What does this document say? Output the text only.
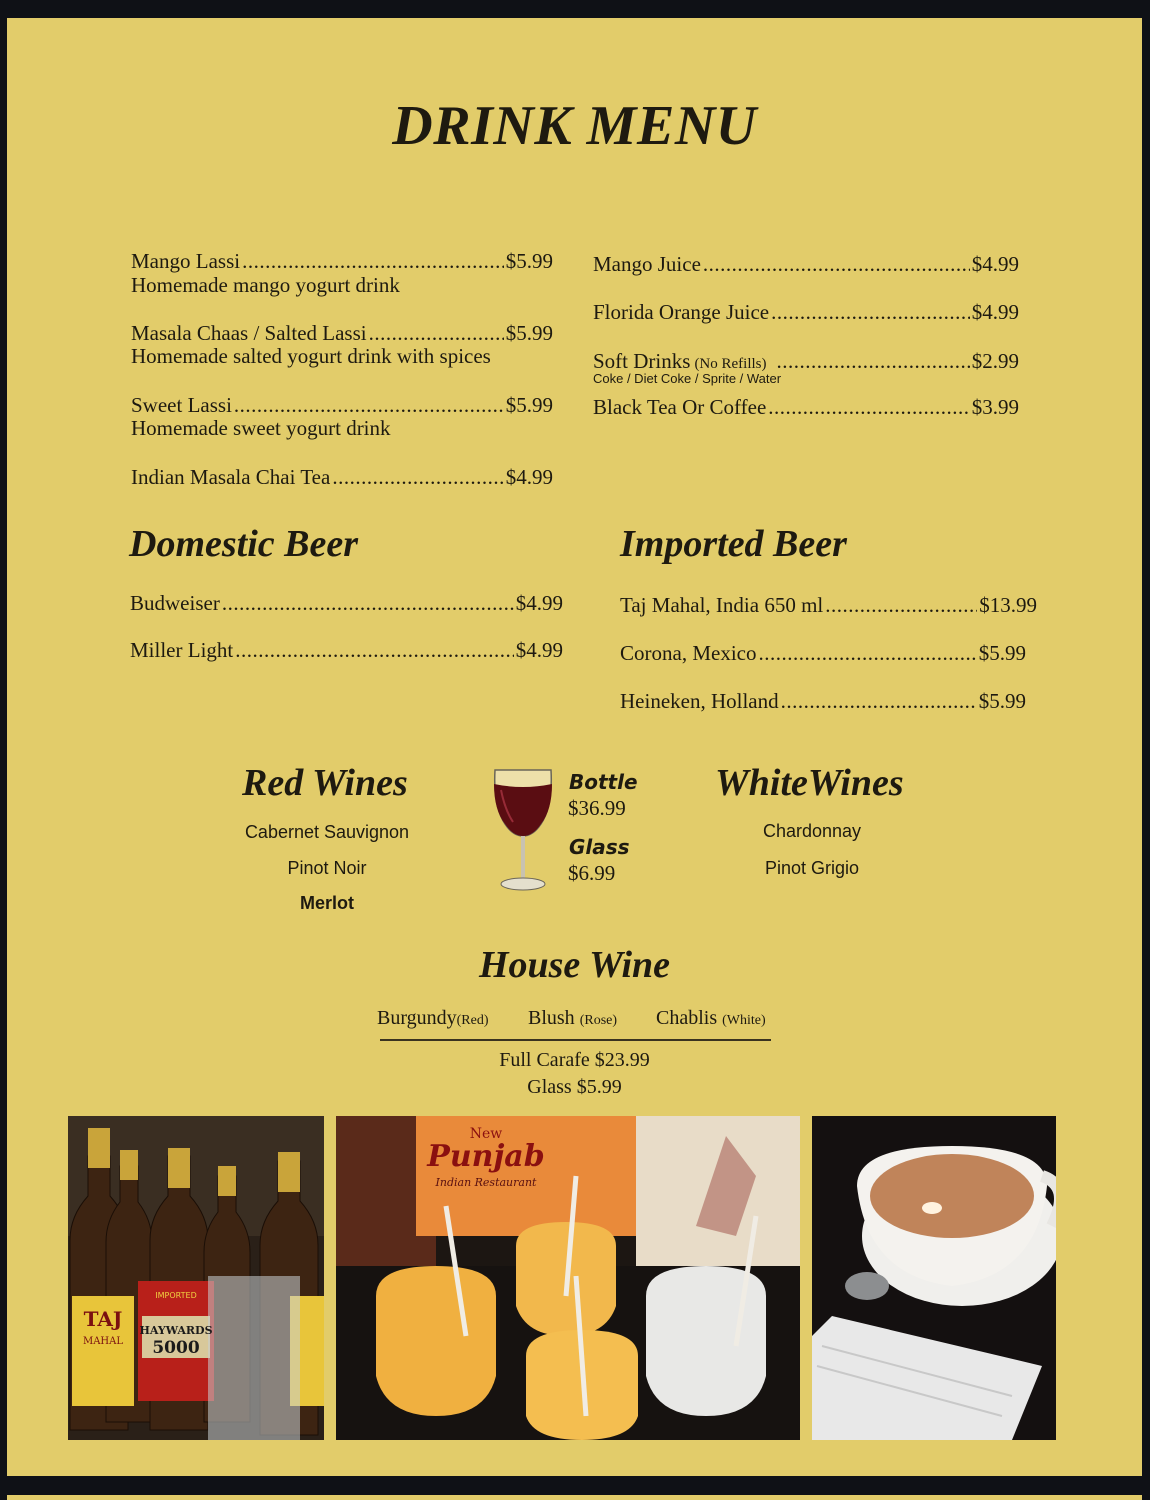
DRINK MENU
Mango Lassi .....	$5.99
Homemade mango yogurt drink
Masala Chaas / Salted Lassi .....	$5.99
Homemade salted yogurt drink with spices
Sweet Lassi .....	$5.99
Homemade sweet yogurt drink
Indian Masala Chai Tea .....	$4.99
Mango Juice .....	$4.99
Florida Orange Juice .....	$4.99
Soft Drinks (No Refills) .....	$2.99
Coke / Diet Coke / Sprite / Water
Black Tea Or Coffee .....	$3.99
Domestic Beer
Budweiser .....	$4.99
Miller Light .....	$4.99
Imported Beer
Taj Mahal, India 650 ml .....	$13.99
Corona, Mexico .....	$5.99
Heineken, Holland .....	$5.99
Red Wines
Cabernet Sauvignon
Pinot Noir
Merlot
Bottle
$36.99
Glass
$6.99
WhiteWines
Chardonnay
Pinot Grigio
House Wine
Burgundy(Red) Blush (Rose) Chablis (White)
Full Carafe $23.99
Glass $5.99
TAJ
MAHAL
IMPORTED
HAYWARDS
5000
New
Punjab
Indian Restaurant
